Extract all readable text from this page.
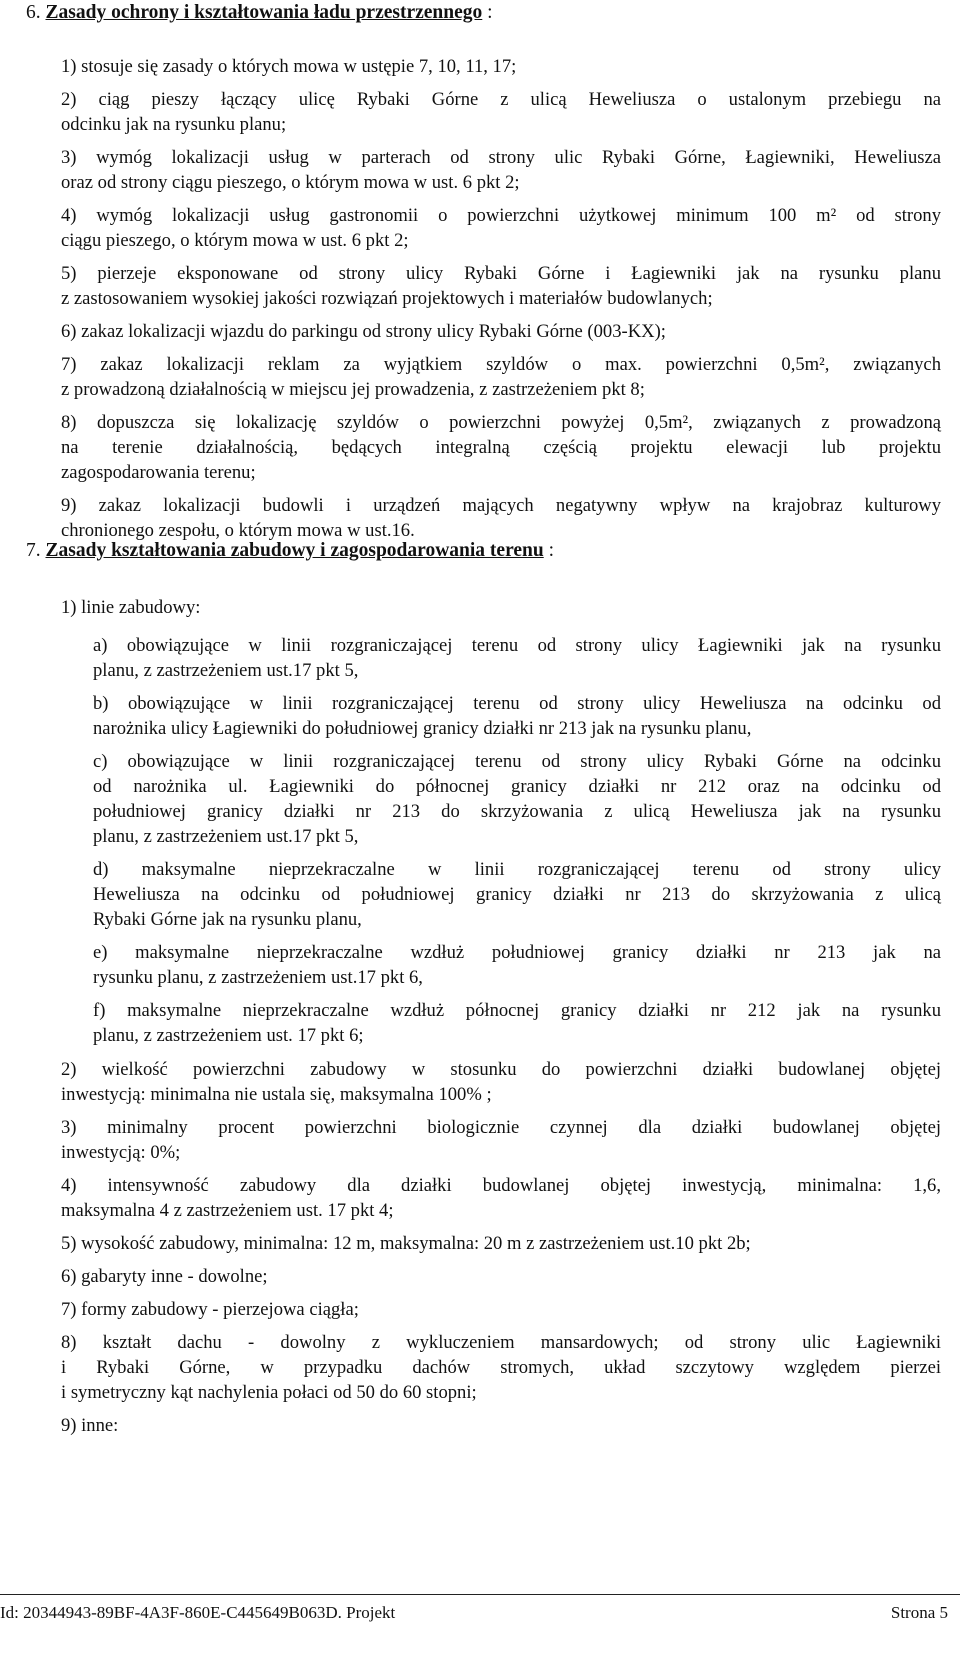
6. Zasady ochrony i kształtowania ładu przestrzennego :
1) stosuje się zasady o których mowa w ustępie 7, 10, 11, 17;
2) ciąg pieszy łączący ulicę Rybaki Górne z ulicą Heweliusza o ustalonym przebiegu na
odcinku jak na rysunku planu;
3) wymóg lokalizacji usług w parterach od strony ulic Rybaki Górne, Łagiewniki, Heweliusza
oraz od strony ciągu pieszego, o którym mowa w ust. 6 pkt 2;
4) wymóg lokalizacji usług gastronomii o powierzchni użytkowej minimum 100 m² od strony
ciągu pieszego, o którym mowa w ust. 6 pkt 2;
5) pierzeje eksponowane od strony ulicy Rybaki Górne i Łagiewniki jak na rysunku planu
z zastosowaniem wysokiej jakości rozwiązań projektowych i materiałów budowlanych;
6) zakaz lokalizacji wjazdu do parkingu od strony ulicy Rybaki Górne (003-KX);
7) zakaz lokalizacji reklam za wyjątkiem szyldów o max. powierzchni 0,5m², związanych
z prowadzoną działalnością w miejscu jej prowadzenia, z zastrzeżeniem pkt 8;
8) dopuszcza się lokalizację szyldów o powierzchni powyżej 0,5m², związanych z prowadzoną
na terenie działalnością, będących integralną częścią projektu elewacji lub projektu
zagospodarowania terenu;
9) zakaz lokalizacji budowli i urządzeń mających negatywny wpływ na krajobraz kulturowy
chronionego zespołu, o którym mowa w ust.16.
7. Zasady kształtowania zabudowy i zagospodarowania terenu :
1) linie zabudowy:
a) obowiązujące w linii rozgraniczającej terenu od strony ulicy Łagiewniki jak na rysunku
planu, z zastrzeżeniem ust.17 pkt 5,
b) obowiązujące w linii rozgraniczającej terenu od strony ulicy Heweliusza na odcinku od
narożnika ulicy Łagiewniki do południowej granicy działki nr 213 jak na rysunku planu,
c) obowiązujące w linii rozgraniczającej terenu od strony ulicy Rybaki Górne na odcinku
od narożnika ul. Łagiewniki do północnej granicy działki nr 212 oraz na odcinku od
południowej granicy działki nr 213 do skrzyżowania z ulicą Heweliusza jak na rysunku
planu, z zastrzeżeniem ust.17 pkt 5,
d) maksymalne nieprzekraczalne w linii rozgraniczającej terenu od strony ulicy
Heweliusza na odcinku od południowej granicy działki nr 213 do skrzyżowania z ulicą
Rybaki Górne jak na rysunku planu,
e) maksymalne nieprzekraczalne wzdłuż południowej granicy działki nr 213 jak na
rysunku planu, z zastrzeżeniem ust.17 pkt 6,
f) maksymalne nieprzekraczalne wzdłuż północnej granicy działki nr 212 jak na rysunku
planu, z zastrzeżeniem ust. 17 pkt 6;
2) wielkość powierzchni zabudowy w stosunku do powierzchni działki budowlanej objętej
inwestycją: minimalna nie ustala się, maksymalna 100% ;
3) minimalny procent powierzchni biologicznie czynnej dla działki budowlanej objętej
inwestycją: 0%;
4) intensywność zabudowy dla działki budowlanej objętej inwestycją, minimalna: 1,6,
maksymalna 4 z zastrzeżeniem ust. 17 pkt 4;
5) wysokość zabudowy, minimalna: 12 m, maksymalna: 20 m z zastrzeżeniem ust.10 pkt 2b;
6) gabaryty inne - dowolne;
7) formy zabudowy - pierzejowa ciągła;
8) kształt dachu - dowolny z wykluczeniem mansardowych; od strony ulic Łagiewniki
i Rybaki Górne, w przypadku dachów stromych, układ szczytowy względem pierzei
i symetryczny kąt nachylenia połaci od 50 do 60 stopni;
9) inne:
Id: 20344943-89BF-4A3F-860E-C445649B063D. Projekt	Strona 5
